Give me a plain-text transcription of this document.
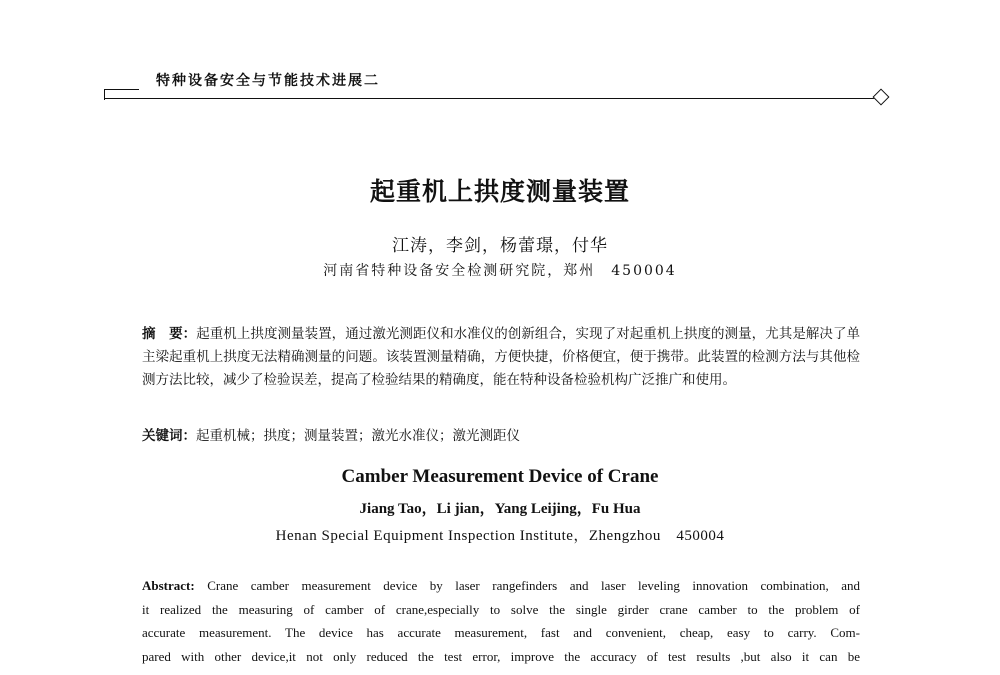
特种设备安全与节能技术进展二
起重机上拱度测量装置
江涛，李剑，杨蕾璟，付华
河南省特种设备安全检测研究院，郑州　450004
摘　要：起重机上拱度测量装置，通过激光测距仪和水准仪的创新组合，实现了对起重机上拱度的测量，尤其是解决了单主梁起重机上拱度无法精确测量的问题。该装置测量精确，方便快捷，价格便宜，便于携带。此装置的检测方法与其他检测方法比较，减少了检验误差，提高了检验结果的精确度，能在特种设备检验机构广泛推广和使用。
关键词：起重机械；拱度；测量装置；激光水准仪；激光测距仪
Camber Measurement Device of Crane
Jiang Tao，Li jian，Yang Leijing，Fu Hua
Henan Special Equipment Inspection Institute，Zhengzhou　450004
Abstract: Crane camber measurement device by laser rangefinders and laser leveling innovation combination, and
it realized the measuring of camber of crane,especially to solve the single girder crane camber to the problem of
accurate measurement. The device has accurate measurement, fast and convenient, cheap, easy to carry. Com-
pared with other device,it not only reduced the test error, improve the accuracy of test results ,but also it can be
